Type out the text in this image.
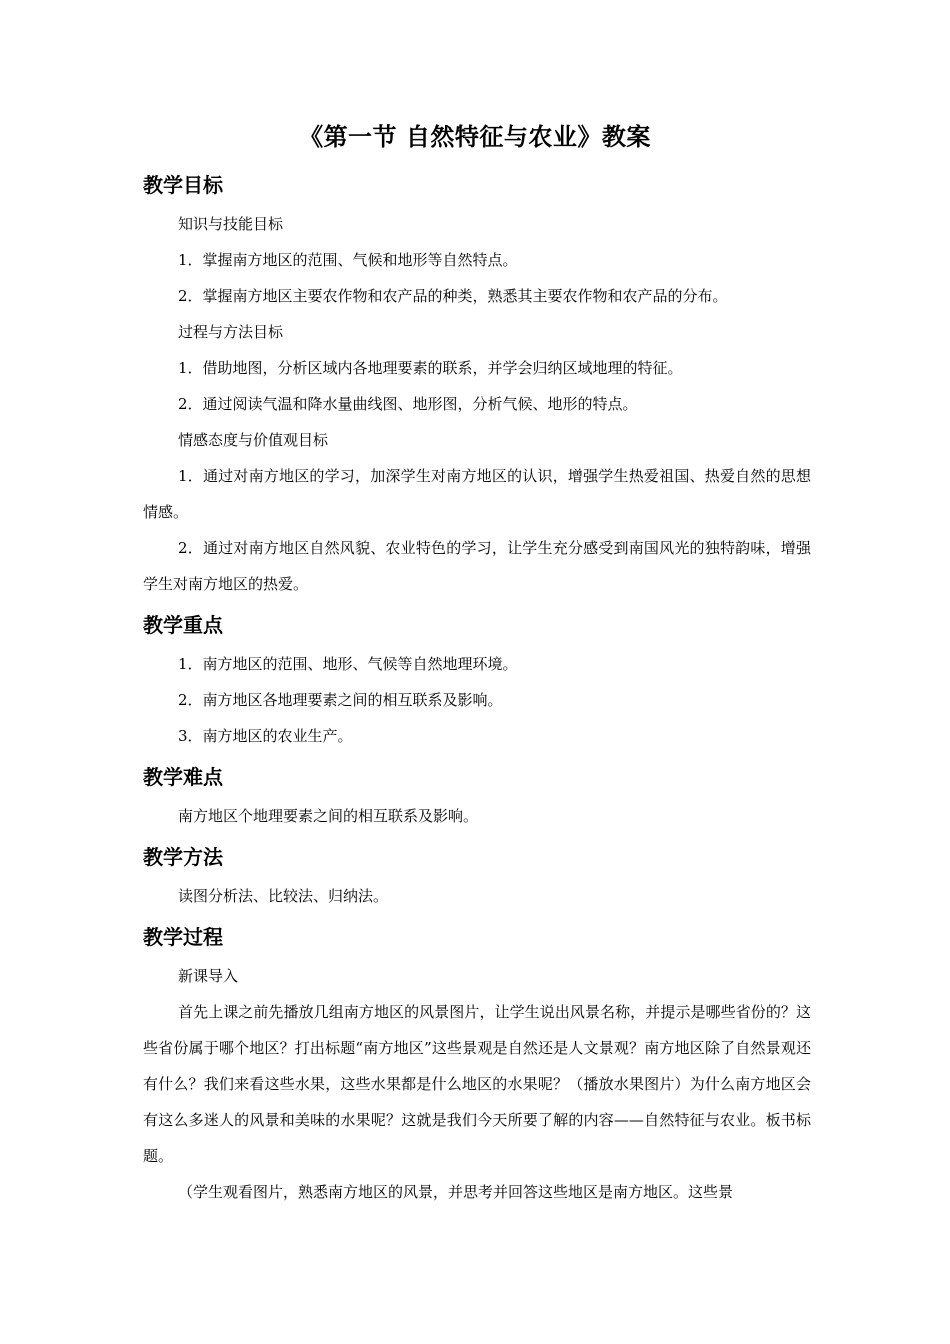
《第一节 自然特征与农业》教案
教学目标

知识与技能目标

1．掌握南方地区的范围、气候和地形等自然特点。

2．掌握南方地区主要农作物和农产品的种类，熟悉其主要农作物和农产品的分布。

过程与方法目标

1．借助地图，分析区域内各地理要素的联系，并学会归纳区域地理的特征。

2．通过阅读气温和降水量曲线图、地形图，分析气候、地形的特点。

情感态度与价值观目标

1．通过对南方地区的学习，加深学生对南方地区的认识，增强学生热爱祖国、热爱自然的思想情感。

2．通过对南方地区自然风貌、农业特色的学习，让学生充分感受到南国风光的独特韵味，增强学生对南方地区的热爱。

教学重点

1．南方地区的范围、地形、气候等自然地理环境。

2．南方地区各地理要素之间的相互联系及影响。

3．南方地区的农业生产。

教学难点

南方地区个地理要素之间的相互联系及影响。

教学方法

读图分析法、比较法、归纳法。

教学过程

新课导入

首先上课之前先播放几组南方地区的风景图片，让学生说出风景名称，并提示是哪些省份的？这些省份属于哪个地区？打出标题“南方地区”这些景观是自然还是人文景观？南方地区除了自然景观还有什么？我们来看这些水果，这些水果都是什么地区的水果呢？（播放水果图片）为什么南方地区会有这么多迷人的风景和美味的水果呢？这就是我们今天所要了解的内容——自然特征与农业。板书标题。

（学生观看图片，熟悉南方地区的风景，并思考并回答这些地区是南方地区。这些景
